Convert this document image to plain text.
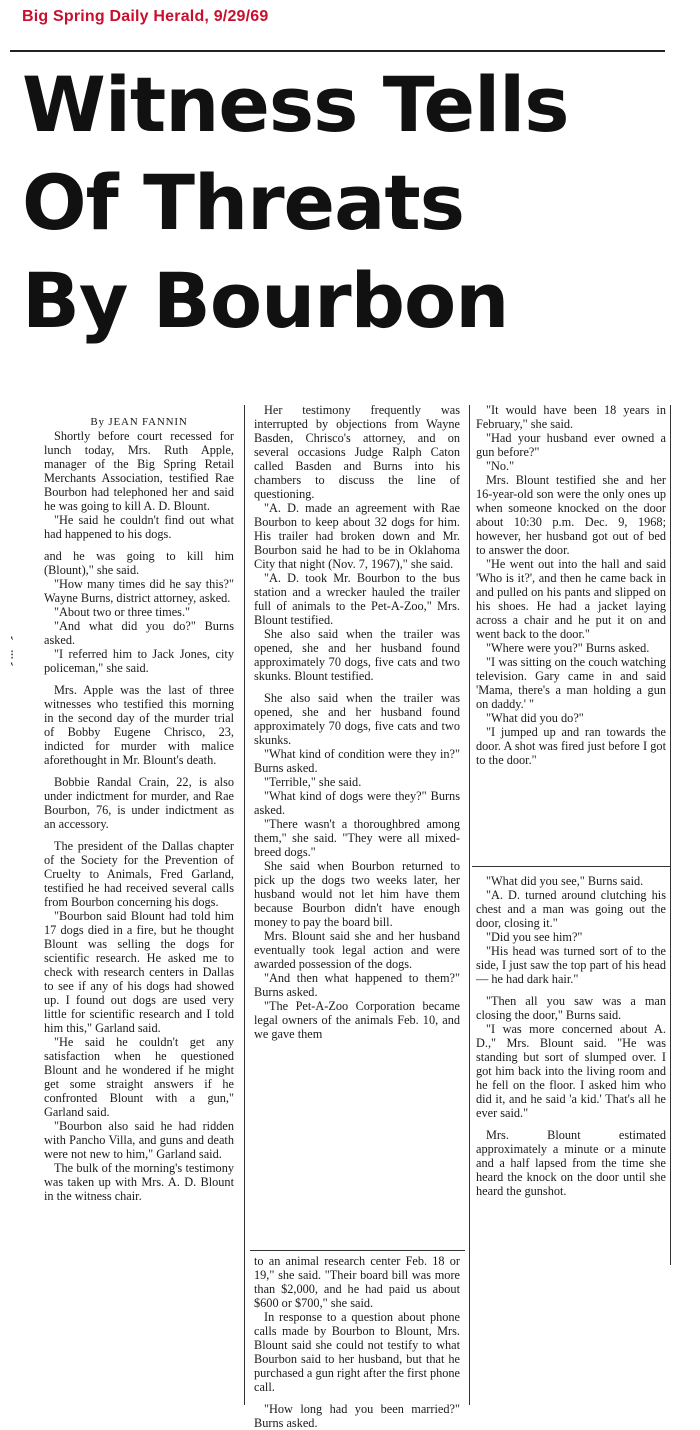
Big Spring Daily Herald, 9/29/69
Witness Tells
Of Threats
By Bourbon
‛
⁝
‛

By JEAN FANNIN

Shortly before court recessed for lunch today, Mrs. Ruth Apple, manager of the Big Spring Retail Merchants Association, testified Rae Bourbon had telephoned her and said he was going to kill A. D. Blount.

"He said he couldn't find out what had happened to his dogs.

and he was going to kill him (Blount)," she said.

"How many times did he say this?" Wayne Burns, district attorney, asked.

"About two or three times."

"And what did you do?" Burns asked.

"I referred him to Jack Jones, city policeman," she said.

Mrs. Apple was the last of three witnesses who testified this morning in the second day of the murder trial of Bobby Eugene Chrisco, 23, indicted for murder with malice aforethought in Mr. Blount's death.

Bobbie Randal Crain, 22, is also under indictment for murder, and Rae Bourbon, 76, is under indictment as an accessory.

The president of the Dallas chapter of the Society for the Prevention of Cruelty to Animals, Fred Garland, testified he had received several calls from Bourbon concerning his dogs.

"Bourbon said Blount had told him 17 dogs died in a fire, but he thought Blount was selling the dogs for scientific research. He asked me to check with research centers in Dallas to see if any of his dogs had showed up. I found out dogs are used very little for scientific research and I told him this," Garland said.

"He said he couldn't get any satisfaction when he questioned Blount and he wondered if he might get some straight answers if he confronted Blount with a gun," Garland said.

"Bourbon also said he had ridden with Pancho Villa, and guns and death were not new to him," Garland said.

The bulk of the morning's testimony was taken up with Mrs. A. D. Blount in the witness chair.

Her testimony frequently was interrupted by objections from Wayne Basden, Chrisco's attorney, and on several occasions Judge Ralph Caton called Basden and Burns into his chambers to discuss the line of questioning.

"A. D. made an agreement with Rae Bourbon to keep about 32 dogs for him. His trailer had broken down and Mr. Bourbon said he had to be in Oklahoma City that night (Nov. 7, 1967)," she said.

"A. D. took Mr. Bourbon to the bus station and a wrecker hauled the trailer full of animals to the Pet-A-Zoo," Mrs. Blount testified.

She also said when the trailer was opened, she and her husband found approximately 70 dogs, five cats and two skunks. Blount testified.

She also said when the trailer was opened, she and her husband found approximately 70 dogs, five cats and two skunks.

"What kind of condition were they in?" Burns asked.

"Terrible," she said.

"What kind of dogs were they?" Burns asked.

"There wasn't a thoroughbred among them," she said. "They were all mixed-breed dogs."

She said when Bourbon returned to pick up the dogs two weeks later, her husband would not let him have them because Bourbon didn't have enough money to pay the board bill.

Mrs. Blount said she and her husband eventually took legal action and were awarded possession of the dogs.

"And then what happened to them?" Burns asked.

"The Pet-A-Zoo Corporation became legal owners of the animals Feb. 10, and we gave them

to an animal research center Feb. 18 or 19," she said. "Their board bill was more than $2,000, and he had paid us about $600 or $700," she said.

In response to a question about phone calls made by Bourbon to Blount, Mrs. Blount said she could not testify to what Bourbon said to her husband, but that he purchased a gun right after the first phone call.

"How long had you been married?" Burns asked.

"It would have been 18 years in February," she said.

"Had your husband ever owned a gun before?"

"No."

Mrs. Blount testified she and her 16-year-old son were the only ones up when someone knocked on the door about 10:30 p.m. Dec. 9, 1968; however, her husband got out of bed to answer the door.

"He went out into the hall and said 'Who is it?', and then he came back in and pulled on his pants and slipped on his shoes. He had a jacket laying across a chair and he put it on and went back to the door."

"Where were you?" Burns asked.

"I was sitting on the couch watching television. Gary came in and said 'Mama, there's a man holding a gun on daddy.' "

"What did you do?"

"I jumped up and ran towards the door. A shot was fired just before I got to the door."

"What did you see," Burns said.

"A. D. turned around clutching his chest and a man was going out the door, closing it."

"Did you see him?"

"His head was turned sort of to the side, I just saw the top part of his head — he had dark hair."

"Then all you saw was a man closing the door," Burns said.

"I was more concerned about A. D.," Mrs. Blount said. "He was standing but sort of slumped over. I got him back into the living room and he fell on the floor. I asked him who did it, and he said 'a kid.' That's all he ever said."

Mrs. Blount estimated approximately a minute or a minute and a half lapsed from the time she heard the knock on the door until she heard the gunshot.
